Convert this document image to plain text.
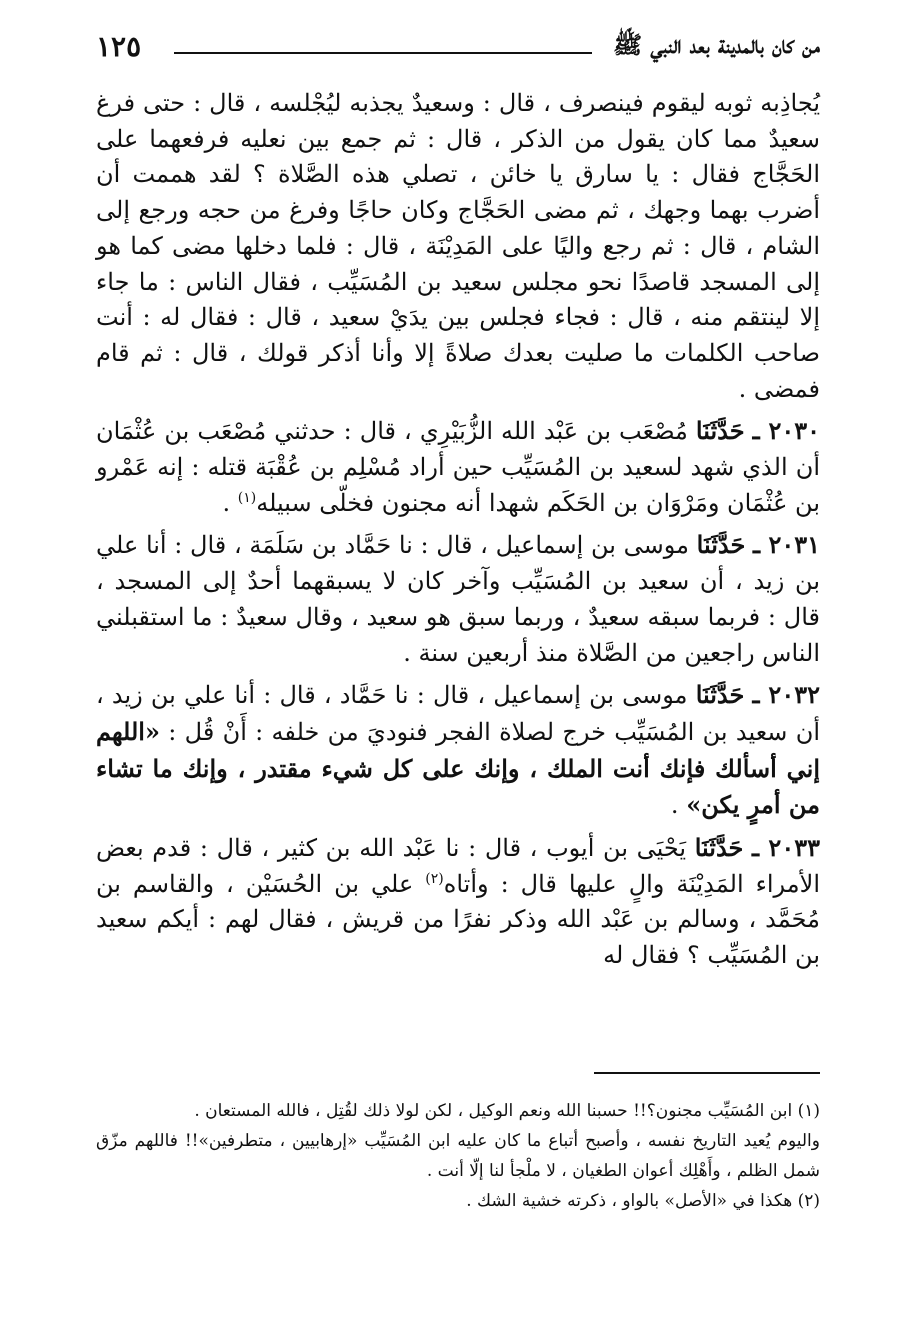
من كان بالمدينة بعد النبي ﷺ
١٢٥

يُجاذِبه ثوبه ليقوم فينصرف ، قال : وسعيدٌ يجذبه ليُجْلسه ، قال : حتى فرغ سعيدٌ مما كان يقول من الذكر ، قال : ثم جمع بين نعليه فرفعهما على الحَجَّاج فقال : يا سارق يا خائن ، تصلي هذه الصَّلاة ؟ لقد هممت أن أضرب بهما وجهك ، ثم مضى الحَجَّاج وكان حاجًا وفرغ من حجه ورجع إلى الشام ، قال : ثم رجع واليًا على المَدِيْنَة ، قال : فلما دخلها مضى كما هو إلى المسجد قاصدًا نحو مجلس سعيد بن المُسَيِّب ، فقال الناس : ما جاء إلا لينتقم منه ، قال : فجاء فجلس بين يدَيْ سعيد ، قال : فقال له : أنت صاحب الكلمات ما صليت بعدك صلاةً إلا وأنا أذكر قولك ، قال : ثم قام فمضى .

٢٠٣٠ ـ حَدَّثَنَا مُصْعَب بن عَبْد الله الزُّبَيْرِي ، قال : حدثني مُصْعَب بن عُثْمَان أن الذي شهد لسعيد بن المُسَيِّب حين أراد مُسْلِم بن عُقْبَة قتله : إنه عَمْرو بن عُثْمَان ومَرْوَان بن الحَكَم شهدا أنه مجنون فخلّى سبيله$^{(١)}$ .

٢٠٣١ ـ حَدَّثَنَا موسى بن إسماعيل ، قال : نا حَمَّاد بن سَلَمَة ، قال : أنا علي بن زيد ، أن سعيد بن المُسَيِّب وآخر كان لا يسبقهما أحدٌ إلى المسجد ، قال : فربما سبقه سعيدٌ ، وربما سبق هو سعيد ، وقال سعيدٌ : ما استقبلني الناس راجعين من الصَّلاة منذ أربعين سنة .

٢٠٣٢ ـ حَدَّثَنَا موسى بن إسماعيل ، قال : نا حَمَّاد ، قال : أنا علي بن زيد ، أن سعيد بن المُسَيِّب خرج لصلاة الفجر فنوديَ من خلفه : أَنْ قُل : «اللهم إني أسألك فإنك أنت الملك ، وإنك على كل شيء مقتدر ، وإنك ما تشاء من أمرٍ يكن» .

٢٠٣٣ ـ حَدَّثَنَا يَحْيَى بن أيوب ، قال : نا عَبْد الله بن كثير ، قال : قدم بعض الأمراء المَدِيْنَة والٍ عليها قال : وأتاه$^{(٢)}$ علي بن الحُسَيْن ، والقاسم بن مُحَمَّد ، وسالم بن عَبْد الله وذكر نفرًا من قريش ، فقال لهم : أيكم سعيد بن المُسَيِّب ؟ فقال له

(١) ابن المُسَيِّب مجنون؟!! حسبنا الله ونعم الوكيل ، لكن لولا ذلك لقُتِل ، فالله المستعان .

واليوم يُعيد التاريخ نفسه ، وأصبح أتباع ما كان عليه ابن المُسَيِّب «إرهابيين ، متطرفين»!! فاللهم مزّق شمل الظلم ، وأَهْلِك أعوان الطغيان ، لا ملْجأ لنا إلّا أنت .

(٢) هكذا في «الأصل» بالواو ، ذكرته خشية الشك .
